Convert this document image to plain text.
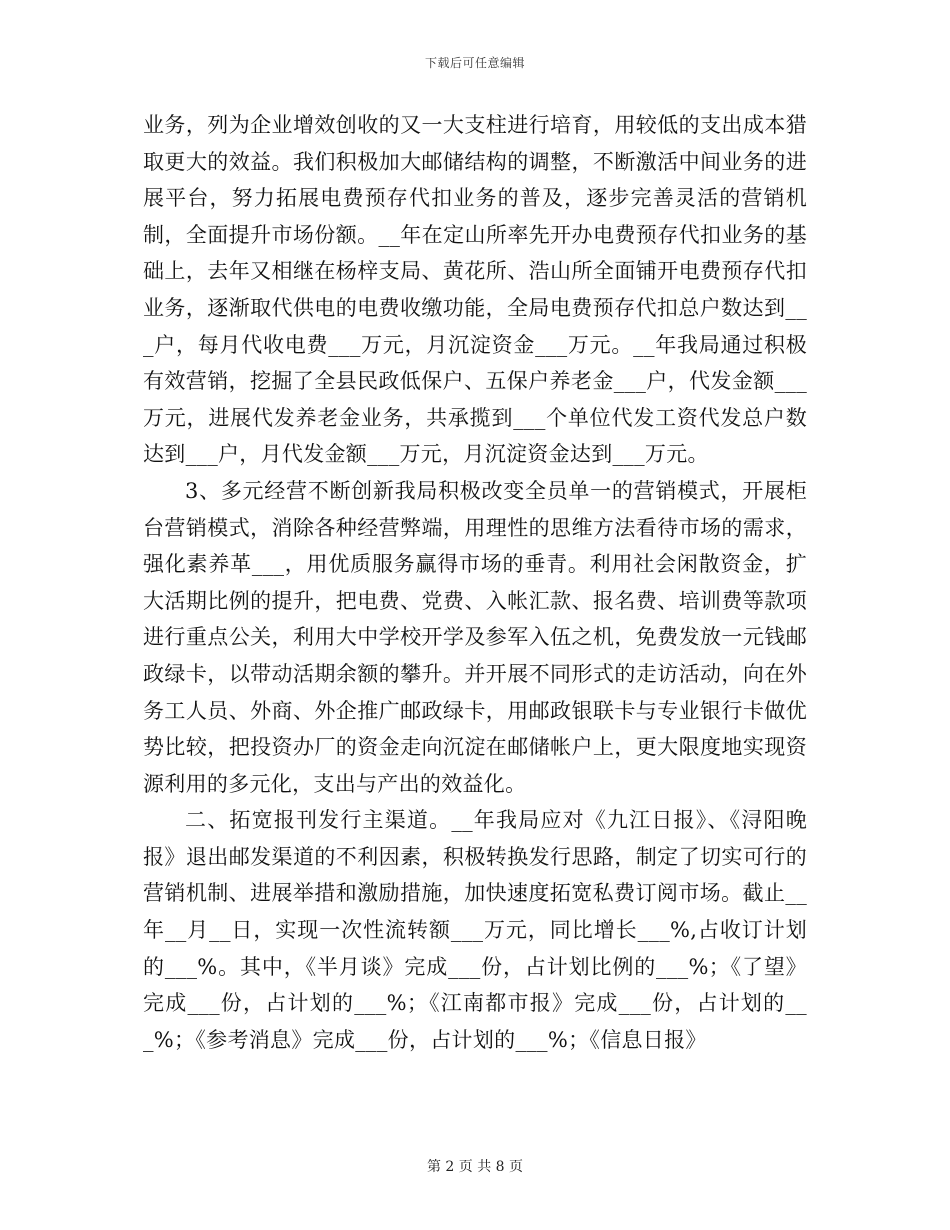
下载后可任意编辑

业务，列为企业增效创收的又一大支柱进行培育，用较低的支出成本猎取更大的效益。我们积极加大邮储结构的调整，不断激活中间业务的进展平台，努力拓展电费预存代扣业务的普及，逐步完善灵活的营销机制，全面提升市场份额。__年在定山所率先开办电费预存代扣业务的基础上，去年又相继在杨梓支局、黄花所、浩山所全面铺开电费预存代扣业务，逐渐取代供电的电费收缴功能，全局电费预存代扣总户数达到___户，每月代收电费___万元，月沉淀资金___万元。__年我局通过积极有效营销，挖掘了全县民政低保户、五保户养老金___户，代发金额___万元，进展代发养老金业务，共承揽到___个单位代发工资代发总户数达到___户，月代发金额___万元，月沉淀资金达到___万元。

3、多元经营不断创新我局积极改变全员单一的营销模式，开展柜台营销模式，消除各种经营弊端，用理性的思维方法看待市场的需求，强化素养革___，用优质服务赢得市场的垂青。利用社会闲散资金，扩大活期比例的提升，把电费、党费、入帐汇款、报名费、培训费等款项进行重点公关，利用大中学校开学及参军入伍之机，免费发放一元钱邮政绿卡，以带动活期余额的攀升。并开展不同形式的走访活动，向在外务工人员、外商、外企推广邮政绿卡，用邮政银联卡与专业银行卡做优势比较，把投资办厂的资金走向沉淀在邮储帐户上，更大限度地实现资源利用的多元化，支出与产出的效益化。

二、拓宽报刊发行主渠道。__年我局应对《九江日报》、《浔阳晚报》退出邮发渠道的不利因素，积极转换发行思路，制定了切实可行的营销机制、进展举措和激励措施，加快速度拓宽私费订阅市场。截止__年__月__日，实现一次性流转额___万元，同比增长___%,占收订计划的___%。其中，《半月谈》完成___份，占计划比例的___%；《了望》完成___份，占计划的___%；《江南都市报》完成___份，占计划的___%；《参考消息》完成___份，占计划的___%；《信息日报》

第 2 页 共 8 页
